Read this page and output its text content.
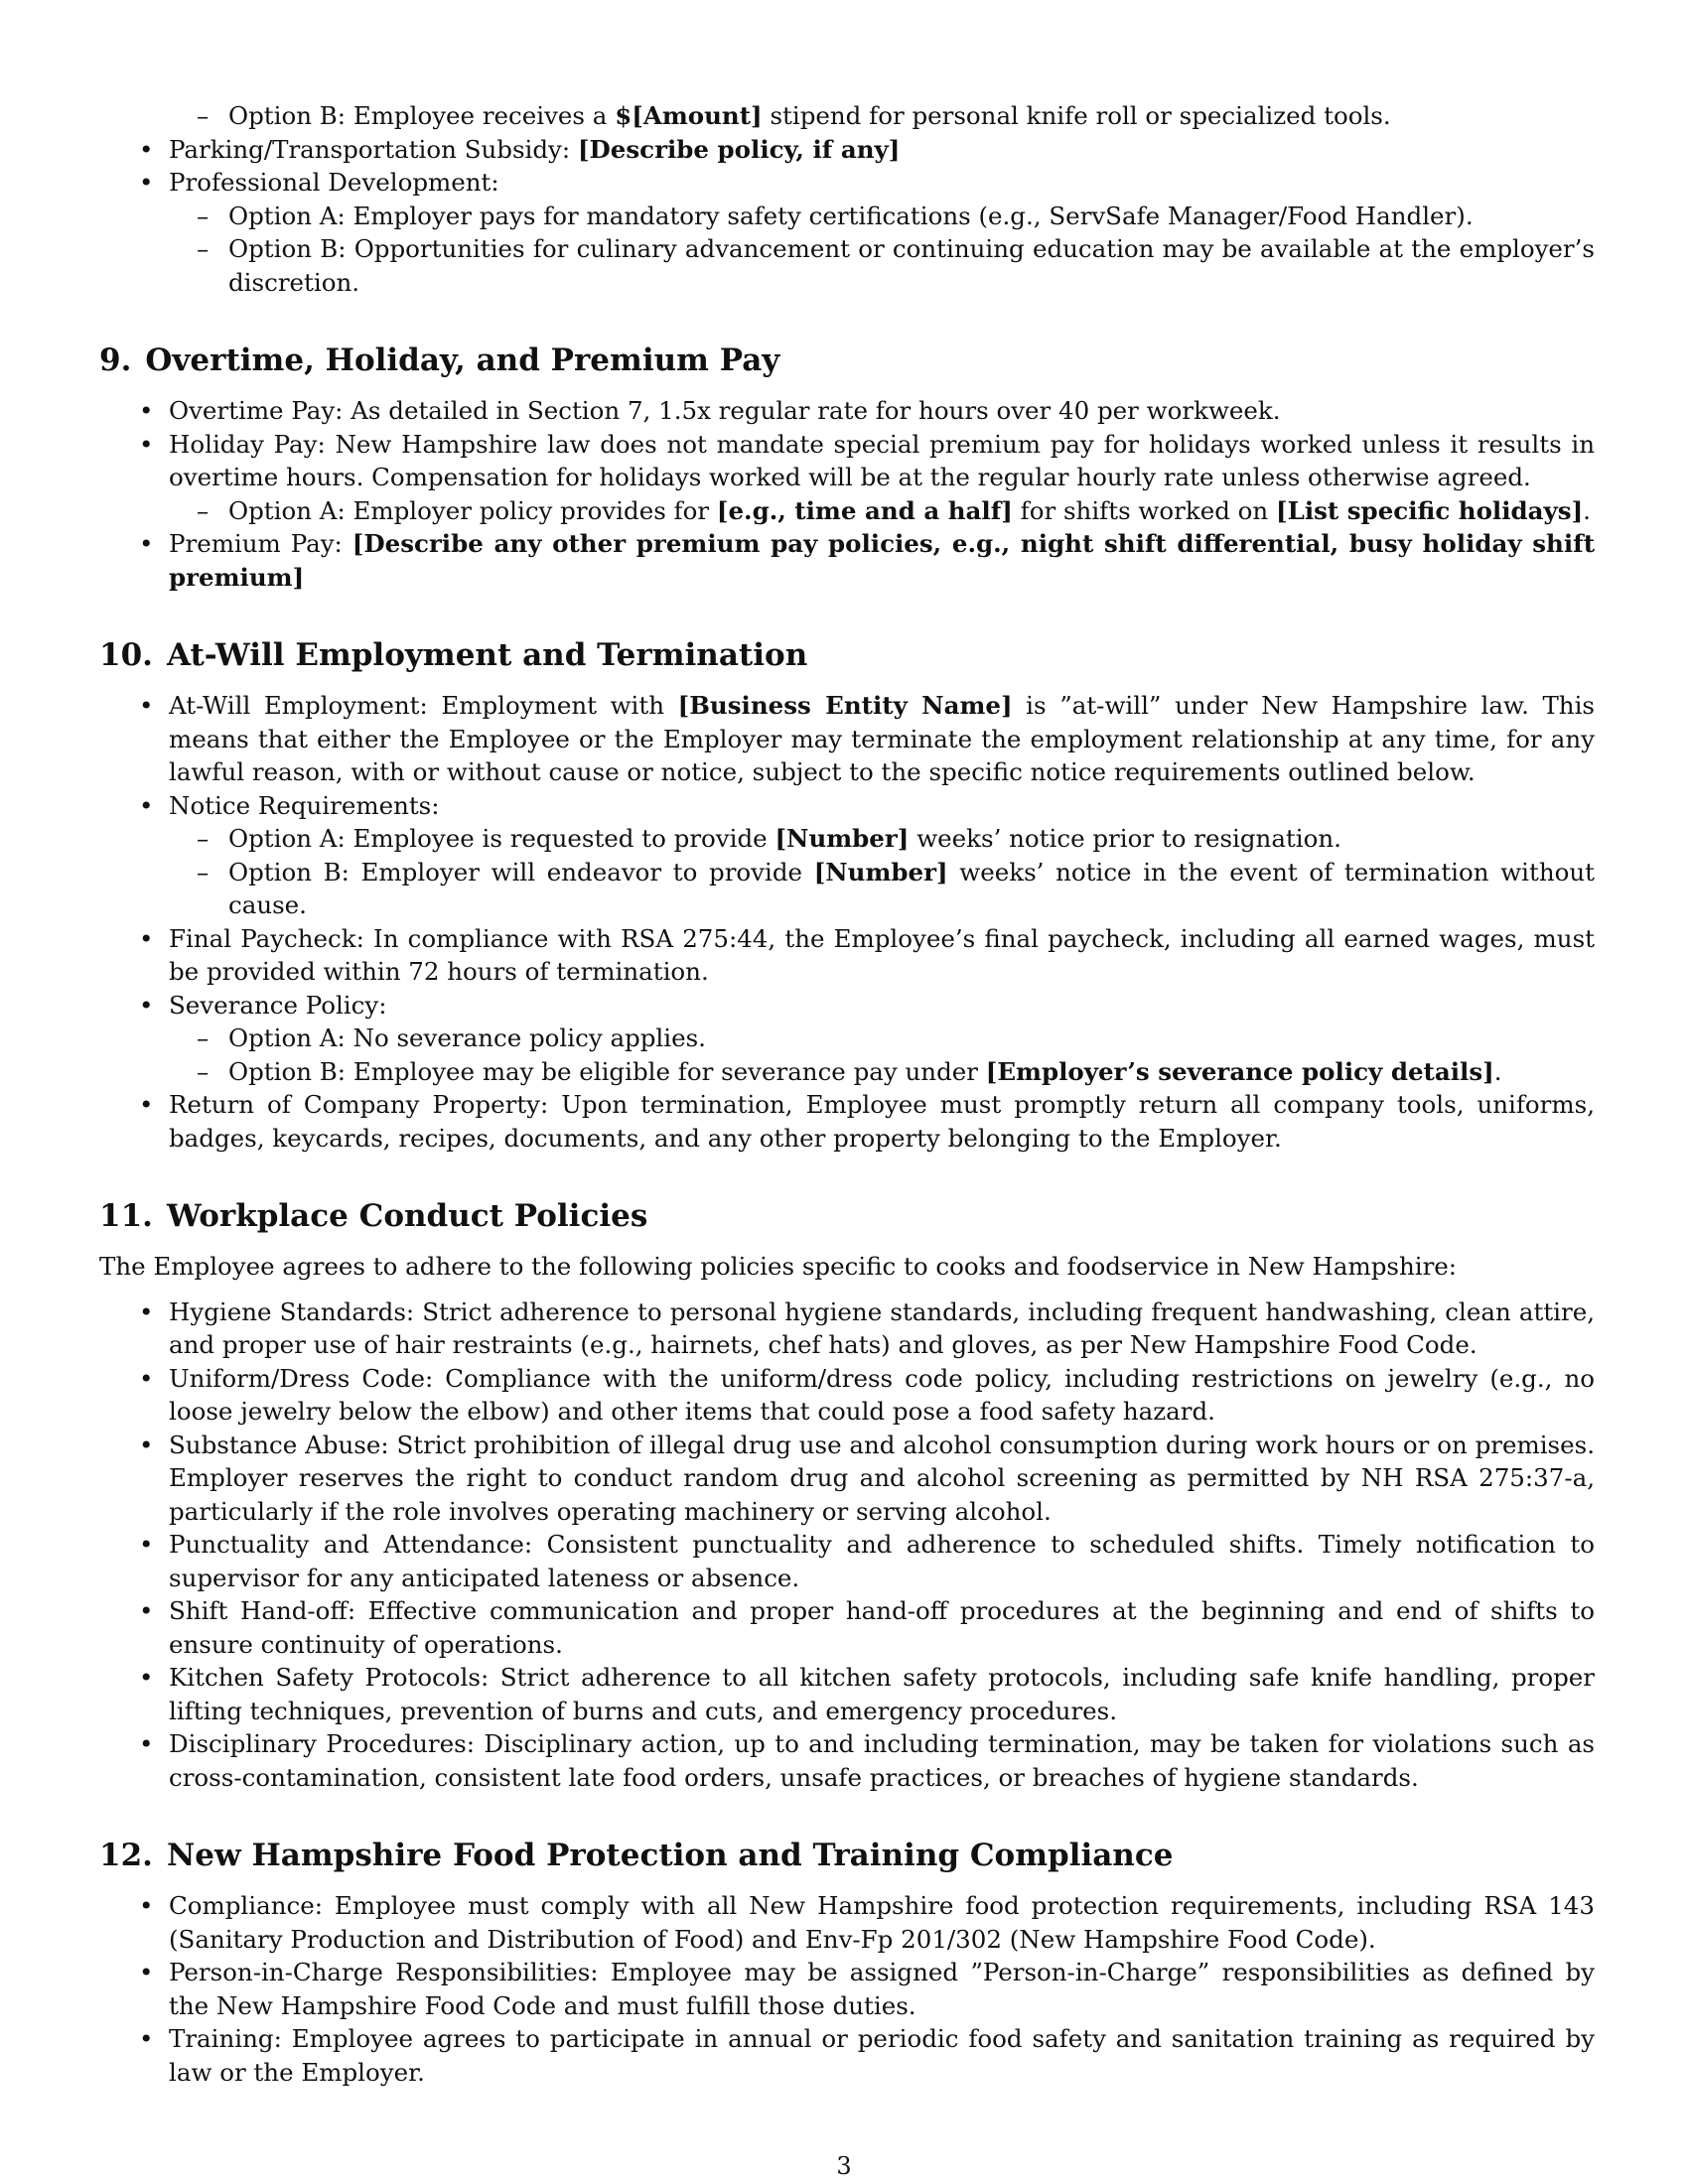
– Option B: Employee receives a $[Amount] stipend for personal knife roll or specialized tools.
• Parking/Transportation Subsidy: [Describe policy, if any]
• Professional Development:
– Option A: Employer pays for mandatory safety certifications (e.g., ServSafe Manager/Food Handler).
– Option B: Opportunities for culinary advancement or continuing education may be available at the employer’s discretion.
9. Overtime, Holiday, and Premium Pay
• Overtime Pay: As detailed in Section 7, 1.5x regular rate for hours over 40 per workweek.
• Holiday Pay: New Hampshire law does not mandate special premium pay for holidays worked unless it results in overtime hours. Compensation for holidays worked will be at the regular hourly rate unless otherwise agreed.
– Option A: Employer policy provides for [e.g., time and a half] for shifts worked on [List specific holidays].
• Premium Pay: [Describe any other premium pay policies, e.g., night shift differential, busy holiday shift premium]
10. At-Will Employment and Termination
• At-Will Employment: Employment with [Business Entity Name] is ”at-will” under New Hampshire law. This means that either the Employee or the Employer may terminate the employment relationship at any time, for any lawful reason, with or without cause or notice, subject to the specific notice requirements outlined below.
• Notice Requirements:
– Option A: Employee is requested to provide [Number] weeks’ notice prior to resignation.
– Option B: Employer will endeavor to provide [Number] weeks’ notice in the event of termination without cause.
• Final Paycheck: In compliance with RSA 275:44, the Employee’s final paycheck, including all earned wages, must be provided within 72 hours of termination.
• Severance Policy:
– Option A: No severance policy applies.
– Option B: Employee may be eligible for severance pay under [Employer’s severance policy details].
• Return of Company Property: Upon termination, Employee must promptly return all company tools, uniforms, badges, keycards, recipes, documents, and any other property belonging to the Employer.
11. Workplace Conduct Policies

The Employee agrees to adhere to the following policies specific to cooks and foodservice in New Hampshire:

• Hygiene Standards: Strict adherence to personal hygiene standards, including frequent handwashing, clean attire, and proper use of hair restraints (e.g., hairnets, chef hats) and gloves, as per New Hampshire Food Code.
• Uniform/Dress Code: Compliance with the uniform/dress code policy, including restrictions on jewelry (e.g., no loose jewelry below the elbow) and other items that could pose a food safety hazard.
• Substance Abuse: Strict prohibition of illegal drug use and alcohol consumption during work hours or on premises. Employer reserves the right to conduct random drug and alcohol screening as permitted by NH RSA 275:37-a, particularly if the role involves operating machinery or serving alcohol.
• Punctuality and Attendance: Consistent punctuality and adherence to scheduled shifts. Timely notification to supervisor for any anticipated lateness or absence.
• Shift Hand-off: Effective communication and proper hand-off procedures at the beginning and end of shifts to ensure continuity of operations.
• Kitchen Safety Protocols: Strict adherence to all kitchen safety protocols, including safe knife handling, proper lifting techniques, prevention of burns and cuts, and emergency procedures.
• Disciplinary Procedures: Disciplinary action, up to and including termination, may be taken for violations such as cross-contamination, consistent late food orders, unsafe practices, or breaches of hygiene standards.
12. New Hampshire Food Protection and Training Compliance
• Compliance: Employee must comply with all New Hampshire food protection requirements, including RSA 143 (Sanitary Production and Distribution of Food) and Env-Fp 201/302 (New Hampshire Food Code).
• Person-in-Charge Responsibilities: Employee may be assigned ”Person-in-Charge” responsibilities as defined by the New Hampshire Food Code and must fulfill those duties.
• Training: Employee agrees to participate in annual or periodic food safety and sanitation training as required by law or the Employer.
3
